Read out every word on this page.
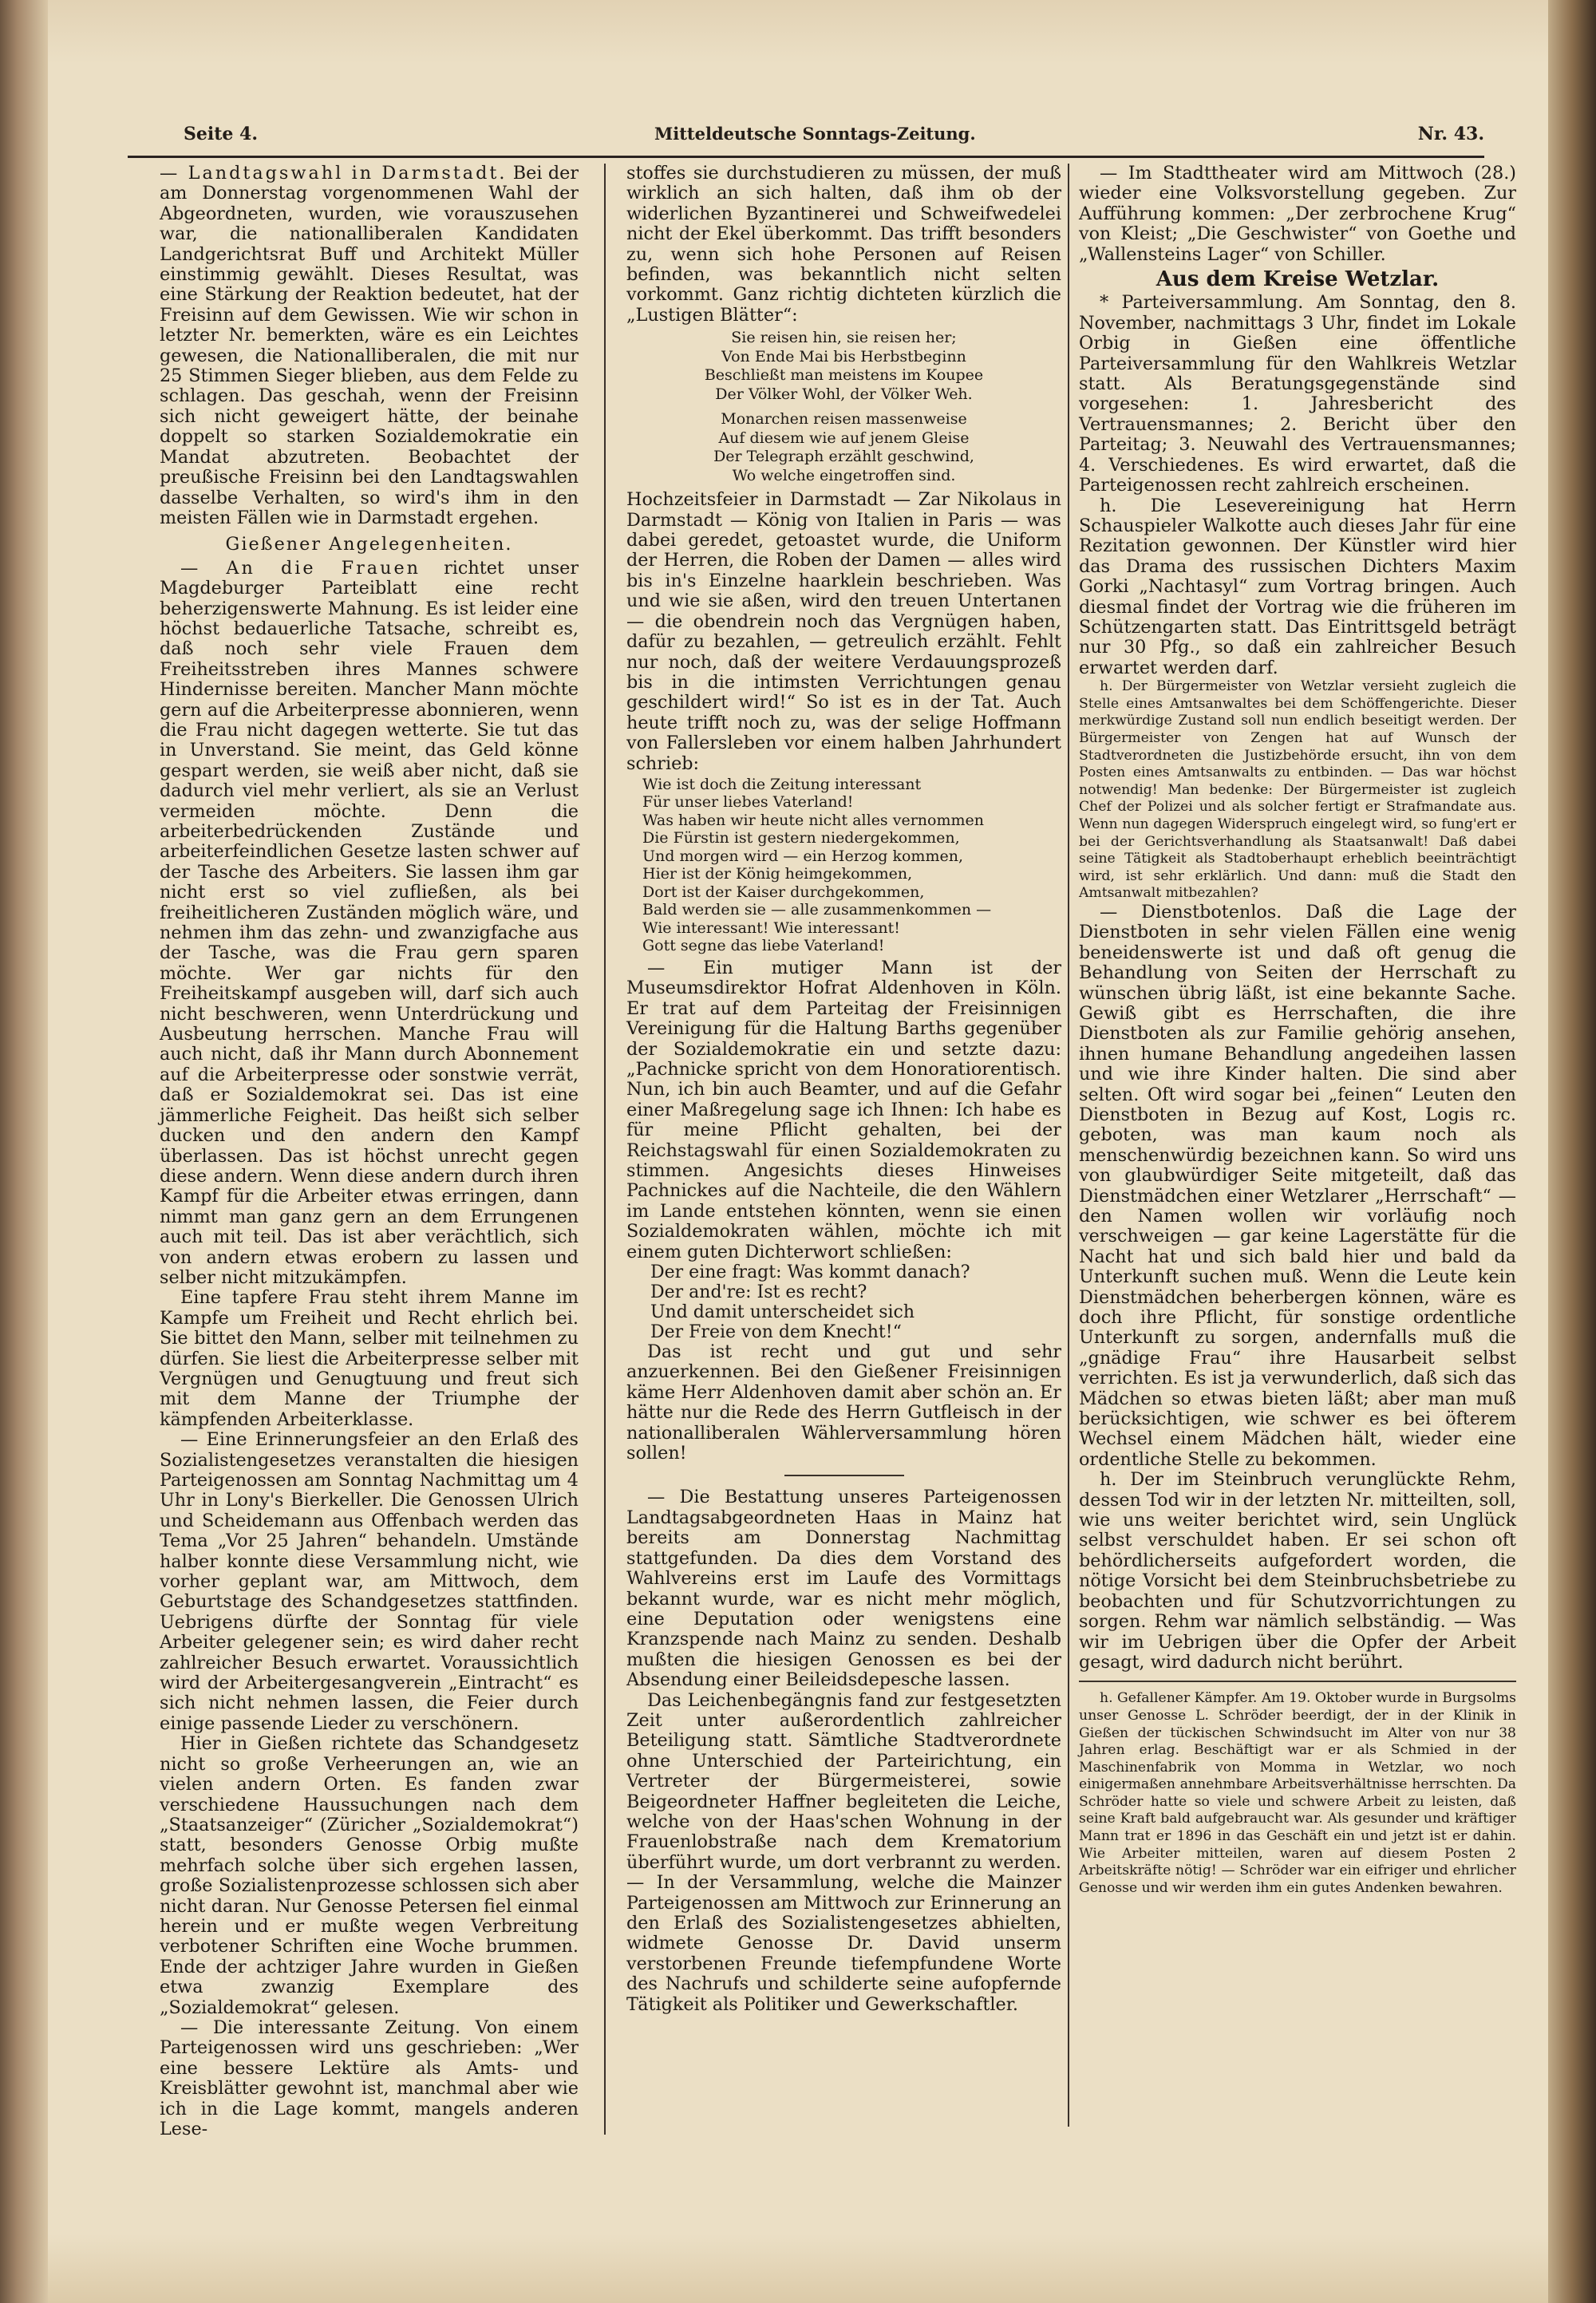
Seite 4.	Mitteldeutsche Sonntags-Zeitung.	Nr. 43.

— Landtagswahl in Darmstadt. Bei der am Donnerstag vorgenommenen Wahl der Abgeordneten, wurden, wie vorauszusehen war, die nationalliberalen Kandidaten Landgerichtsrat Buff und Architekt Müller einstimmig gewählt. Dieses Resultat, was eine Stärkung der Reaktion bedeutet, hat der Freisinn auf dem Gewissen. Wie wir schon in letzter Nr. bemerkten, wäre es ein Leichtes gewesen, die Nationalliberalen, die mit nur 25 Stimmen Sieger blieben, aus dem Felde zu schlagen. Das geschah, wenn der Freisinn sich nicht geweigert hätte, der beinahe doppelt so starken Sozialdemokratie ein Mandat abzutreten. Beobachtet der preußische Freisinn bei den Landtagswahlen dasselbe Verhalten, so wird's ihm in den meisten Fällen wie in Darmstadt ergehen.

Gießener Angelegenheiten.

— An die Frauen richtet unser Magdeburger Parteiblatt eine recht beherzigenswerte Mahnung. Es ist leider eine höchst bedauerliche Tatsache, schreibt es, daß noch sehr viele Frauen dem Freiheitsstreben ihres Mannes schwere Hindernisse bereiten. Mancher Mann möchte gern auf die Arbeiterpresse abonnieren, wenn die Frau nicht dagegen wetterte. Sie tut das in Unverstand. Sie meint, das Geld könne gespart werden, sie weiß aber nicht, daß sie dadurch viel mehr verliert, als sie an Verlust vermeiden möchte. Denn die arbeiterbedrückenden Zustände und arbeiterfeindlichen Gesetze lasten schwer auf der Tasche des Arbeiters. Sie lassen ihm gar nicht erst so viel zufließen, als bei freiheitlicheren Zuständen möglich wäre, und nehmen ihm das zehn- und zwanzigfache aus der Tasche, was die Frau gern sparen möchte. Wer gar nichts für den Freiheitskampf ausgeben will, darf sich auch nicht beschweren, wenn Unterdrückung und Ausbeutung herrschen. Manche Frau will auch nicht, daß ihr Mann durch Abonnement auf die Arbeiterpresse oder sonstwie verrät, daß er Sozialdemokrat sei. Das ist eine jämmerliche Feigheit. Das heißt sich selber ducken und den andern den Kampf überlassen. Das ist höchst unrecht gegen diese andern. Wenn diese andern durch ihren Kampf für die Arbeiter etwas erringen, dann nimmt man ganz gern an dem Errungenen auch mit teil. Das ist aber verächtlich, sich von andern etwas erobern zu lassen und selber nicht mitzukämpfen.

Eine tapfere Frau steht ihrem Manne im Kampfe um Freiheit und Recht ehrlich bei. Sie bittet den Mann, selber mit teilnehmen zu dürfen. Sie liest die Arbeiterpresse selber mit Vergnügen und Genugtuung und freut sich mit dem Manne der Triumphe der kämpfenden Arbeiterklasse.

— Eine Erinnerungsfeier an den Erlaß des Sozialistengesetzes veranstalten die hiesigen Parteigenossen am Sonntag Nachmittag um 4 Uhr in Lony's Bierkeller. Die Genossen Ulrich und Scheidemann aus Offenbach werden das Tema „Vor 25 Jahren“ behandeln. Umstände halber konnte diese Versammlung nicht, wie vorher geplant war, am Mittwoch, dem Geburtstage des Schandgesetzes stattfinden. Uebrigens dürfte der Sonntag für viele Arbeiter gelegener sein; es wird daher recht zahlreicher Besuch erwartet. Voraussichtlich wird der Arbeitergesangverein „Eintracht“ es sich nicht nehmen lassen, die Feier durch einige passende Lieder zu verschönern.

Hier in Gießen richtete das Schandgesetz nicht so große Verheerungen an, wie an vielen andern Orten. Es fanden zwar verschiedene Haussuchungen nach dem „Staatsanzeiger“ (Züricher „Sozialdemokrat“) statt, besonders Genosse Orbig mußte mehrfach solche über sich ergehen lassen, große Sozialistenprozesse schlossen sich aber nicht daran. Nur Genosse Petersen fiel einmal herein und er mußte wegen Verbreitung verbotener Schriften eine Woche brummen. Ende der achtziger Jahre wurden in Gießen etwa zwanzig Exemplare des „Sozialdemokrat“ gelesen.

— Die interessante Zeitung. Von einem Parteigenossen wird uns geschrieben: „Wer eine bessere Lektüre als Amts- und Kreisblätter gewohnt ist, manchmal aber wie ich in die Lage kommt, mangels anderen Lese-

stoffes sie durchstudieren zu müssen, der muß wirklich an sich halten, daß ihm ob der widerlichen Byzantinerei und Schweifwedelei nicht der Ekel überkommt. Das trifft besonders zu, wenn sich hohe Personen auf Reisen befinden, was bekanntlich nicht selten vorkommt. Ganz richtig dichteten kürzlich die „Lustigen Blätter“:

Sie reisen hin, sie reisen her;
Von Ende Mai bis Herbstbeginn
Beschließt man meistens im Koupee
Der Völker Wohl, der Völker Weh.
Monarchen reisen massenweise
Auf diesem wie auf jenem Gleise
Der Telegraph erzählt geschwind,
Wo welche eingetroffen sind.

Hochzeitsfeier in Darmstadt — Zar Nikolaus in Darmstadt — König von Italien in Paris — was dabei geredet, getoastet wurde, die Uniform der Herren, die Roben der Damen — alles wird bis in's Einzelne haarklein beschrieben. Was und wie sie aßen, wird den treuen Untertanen — die obendrein noch das Vergnügen haben, dafür zu bezahlen, — getreulich erzählt. Fehlt nur noch, daß der weitere Verdauungsprozeß bis in die intimsten Verrichtungen genau geschildert wird!“ So ist es in der Tat. Auch heute trifft noch zu, was der selige Hoffmann von Fallersleben vor einem halben Jahrhundert schrieb:

Wie ist doch die Zeitung interessant
Für unser liebes Vaterland!
Was haben wir heute nicht alles vernommen
Die Fürstin ist gestern niedergekommen,
Und morgen wird — ein Herzog kommen,
Hier ist der König heimgekommen,
Dort ist der Kaiser durchgekommen,
Bald werden sie — alle zusammenkommen —
Wie interessant! Wie interessant!
Gott segne das liebe Vaterland!

— Ein mutiger Mann ist der Museumsdirektor Hofrat Aldenhoven in Köln. Er trat auf dem Parteitag der Freisinnigen Vereinigung für die Haltung Barths gegenüber der Sozialdemokratie ein und setzte dazu: „Pachnicke spricht von dem Honoratiorentisch. Nun, ich bin auch Beamter, und auf die Gefahr einer Maßregelung sage ich Ihnen: Ich habe es für meine Pflicht gehalten, bei der Reichstagswahl für einen Sozialdemokraten zu stimmen. Angesichts dieses Hinweises Pachnickes auf die Nachteile, die den Wählern im Lande entstehen könnten, wenn sie einen Sozialdemokraten wählen, möchte ich mit einem guten Dichterwort schließen:

Der eine fragt: Was kommt danach?
Der and're: Ist es recht?
Und damit unterscheidet sich
Der Freie von dem Knecht!“

Das ist recht und gut und sehr anzuerkennen. Bei den Gießener Freisinnigen käme Herr Aldenhoven damit aber schön an. Er hätte nur die Rede des Herrn Gutfleisch in der nationalliberalen Wählerversammlung hören sollen!

— Die Bestattung unseres Parteigenossen Landtagsabgeordneten Haas in Mainz hat bereits am Donnerstag Nachmittag stattgefunden. Da dies dem Vorstand des Wahlvereins erst im Laufe des Vormittags bekannt wurde, war es nicht mehr möglich, eine Deputation oder wenigstens eine Kranzspende nach Mainz zu senden. Deshalb mußten die hiesigen Genossen es bei der Absendung einer Beileidsdepesche lassen.

Das Leichenbegängnis fand zur festgesetzten Zeit unter außerordentlich zahlreicher Beteiligung statt. Sämtliche Stadtverordnete ohne Unterschied der Parteirichtung, ein Vertreter der Bürgermeisterei, sowie Beigeordneter Haffner begleiteten die Leiche, welche von der Haas'schen Wohnung in der Frauenlobstraße nach dem Krematorium überführt wurde, um dort verbrannt zu werden. — In der Versammlung, welche die Mainzer Parteigenossen am Mittwoch zur Erinnerung an den Erlaß des Sozialistengesetzes abhielten, widmete Genosse Dr. David unserm verstorbenen Freunde tiefempfundene Worte des Nachrufs und schilderte seine aufopfernde Tätigkeit als Politiker und Gewerkschaftler.

— Im Stadttheater wird am Mittwoch (28.) wieder eine Volksvorstellung gegeben. Zur Aufführung kommen: „Der zerbrochene Krug“ von Kleist; „Die Geschwister“ von Goethe und „Wallensteins Lager“ von Schiller.

Aus dem Kreise Wetzlar.

* Parteiversammlung. Am Sonntag, den 8. November, nachmittags 3 Uhr, findet im Lokale Orbig in Gießen eine öffentliche Parteiversammlung für den Wahlkreis Wetzlar statt. Als Beratungsgegenstände sind vorgesehen: 1. Jahresbericht des Vertrauensmannes; 2. Bericht über den Parteitag; 3. Neuwahl des Vertrauensmannes; 4. Verschiedenes. Es wird erwartet, daß die Parteigenossen recht zahlreich erscheinen.

h. Die Lesevereinigung hat Herrn Schauspieler Walkotte auch dieses Jahr für eine Rezitation gewonnen. Der Künstler wird hier das Drama des russischen Dichters Maxim Gorki „Nachtasyl“ zum Vortrag bringen. Auch diesmal findet der Vortrag wie die früheren im Schützengarten statt. Das Eintrittsgeld beträgt nur 30 Pfg., so daß ein zahlreicher Besuch erwartet werden darf.

h. Der Bürgermeister von Wetzlar versieht zugleich die Stelle eines Amtsanwaltes bei dem Schöffengerichte. Dieser merkwürdige Zustand soll nun endlich beseitigt werden. Der Bürgermeister von Zengen hat auf Wunsch der Stadtverordneten die Justizbehörde ersucht, ihn von dem Posten eines Amtsanwalts zu entbinden. — Das war höchst notwendig! Man bedenke: Der Bürgermeister ist zugleich Chef der Polizei und als solcher fertigt er Strafmandate aus. Wenn nun dagegen Widerspruch eingelegt wird, so fung'ert er bei der Gerichtsverhandlung als Staatsanwalt! Daß dabei seine Tätigkeit als Stadtoberhaupt erheblich beeinträchtigt wird, ist sehr erklärlich. Und dann: muß die Stadt den Amtsanwalt mitbezahlen?

— Dienstbotenlos. Daß die Lage der Dienstboten in sehr vielen Fällen eine wenig beneidenswerte ist und daß oft genug die Behandlung von Seiten der Herrschaft zu wünschen übrig läßt, ist eine bekannte Sache. Gewiß gibt es Herrschaften, die ihre Dienstboten als zur Familie gehörig ansehen, ihnen humane Behandlung angedeihen lassen und wie ihre Kinder halten. Die sind aber selten. Oft wird sogar bei „feinen“ Leuten den Dienstboten in Bezug auf Kost, Logis rc. geboten, was man kaum noch als menschenwürdig bezeichnen kann. So wird uns von glaubwürdiger Seite mitgeteilt, daß das Dienstmädchen einer Wetzlarer „Herrschaft“ — den Namen wollen wir vorläufig noch verschweigen — gar keine Lagerstätte für die Nacht hat und sich bald hier und bald da Unterkunft suchen muß. Wenn die Leute kein Dienstmädchen beherbergen können, wäre es doch ihre Pflicht, für sonstige ordentliche Unterkunft zu sorgen, andernfalls muß die „gnädige Frau“ ihre Hausarbeit selbst verrichten. Es ist ja verwunderlich, daß sich das Mädchen so etwas bieten läßt; aber man muß berücksichtigen, wie schwer es bei öfterem Wechsel einem Mädchen hält, wieder eine ordentliche Stelle zu bekommen.

h. Der im Steinbruch verunglückte Rehm, dessen Tod wir in der letzten Nr. mitteilten, soll, wie uns weiter berichtet wird, sein Unglück selbst verschuldet haben. Er sei schon oft behördlicherseits aufgefordert worden, die nötige Vorsicht bei dem Steinbruchsbetriebe zu beobachten und für Schutzvorrichtungen zu sorgen. Rehm war nämlich selbständig. — Was wir im Uebrigen über die Opfer der Arbeit gesagt, wird dadurch nicht berührt.

h. Gefallener Kämpfer. Am 19. Oktober wurde in Burgsolms unser Genosse L. Schröder beerdigt, der in der Klinik in Gießen der tückischen Schwindsucht im Alter von nur 38 Jahren erlag. Beschäftigt war er als Schmied in der Maschinenfabrik von Momma in Wetzlar, wo noch einigermaßen annehmbare Arbeitsverhältnisse herrschten. Da Schröder hatte so viele und schwere Arbeit zu leisten, daß seine Kraft bald aufgebraucht war. Als gesunder und kräftiger Mann trat er 1896 in das Geschäft ein und jetzt ist er dahin. Wie Arbeiter mitteilen, waren auf diesem Posten 2 Arbeitskräfte nötig! — Schröder war ein eifriger und ehrlicher Genosse und wir werden ihm ein gutes Andenken bewahren.
